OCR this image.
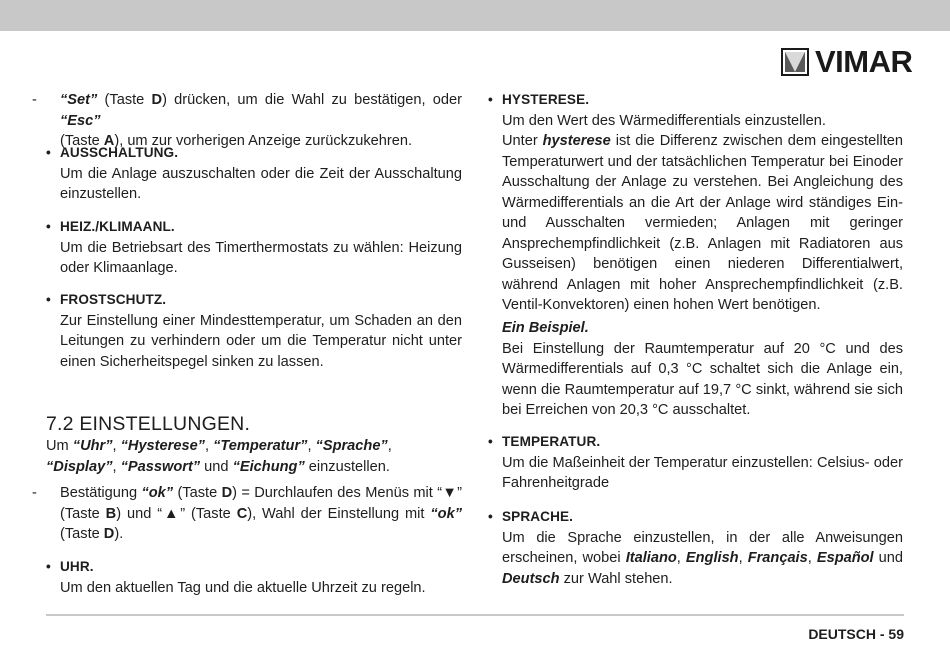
VIMAR

- “Set” (Taste D) drücken, um die Wahl zu bestätigen, oder “Esc”
(Taste A), um zur vorherigen Anzeige zurückzukehren.

• AUSSCHALTUNG.

Um die Anlage auszuschalten oder die Zeit der Ausschaltung einzustellen.

• HEIZ./KLIMAANL.

Um die Betriebsart des Timerthermostats zu wählen: Heizung oder Klimaanlage.

• FROSTSCHUTZ.

Zur Einstellung einer Mindesttemperatur, um Schaden an den Leitungen zu verhindern oder um die Temperatur nicht unter einen Sicherheitspegel sinken zu lassen.

7.2 EINSTELLUNGEN.

Um “Uhr”, “Hysterese”, “Temperatur”, “Sprache”, “Display”, “Passwort” und “Eichung” einzustellen.

- Bestätigung “ok” (Taste D) = Durchlaufen des Menüs mit “▼” (Taste B) und “▲” (Taste C), Wahl der Einstellung mit “ok” (Taste D).

• UHR.

Um den aktuellen Tag und die aktuelle Uhrzeit zu regeln.

• HYSTERESE.

Um den Wert des Wärmedifferentials einzustellen.

Unter hysterese ist die Differenz zwischen dem eingestellten Temperaturwert und der tatsächlichen Temperatur bei Einoder Ausschaltung der Anlage zu verstehen. Bei Angleichung des Wärmedifferentials an die Art der Anlage wird ständiges Ein- und Ausschalten vermieden; Anlagen mit geringer Ansprechempfindlichkeit (z.B. Anlagen mit Radiatoren aus Gusseisen) benötigen einen niederen Differentialwert, während Anlagen mit hoher Ansprechempfindlichkeit (z.B. Ventil-Konvektoren) einen hohen Wert benötigen.

Ein Beispiel.

Bei Einstellung der Raumtemperatur auf 20 °C und des Wärmedifferentials auf 0,3 °C schaltet sich die Anlage ein, wenn die Raumtemperatur auf 19,7 °C sinkt, während sie sich bei Erreichen von 20,3 °C ausschaltet.

• TEMPERATUR.

Um die Maßeinheit der Temperatur einzustellen: Celsius- oder Fahrenheitgrade

• SPRACHE.

Um die Sprache einzustellen, in der alle Anweisungen erscheinen, wobei Italiano, English, Français, Español und Deutsch zur Wahl stehen.

DEUTSCH - 59
